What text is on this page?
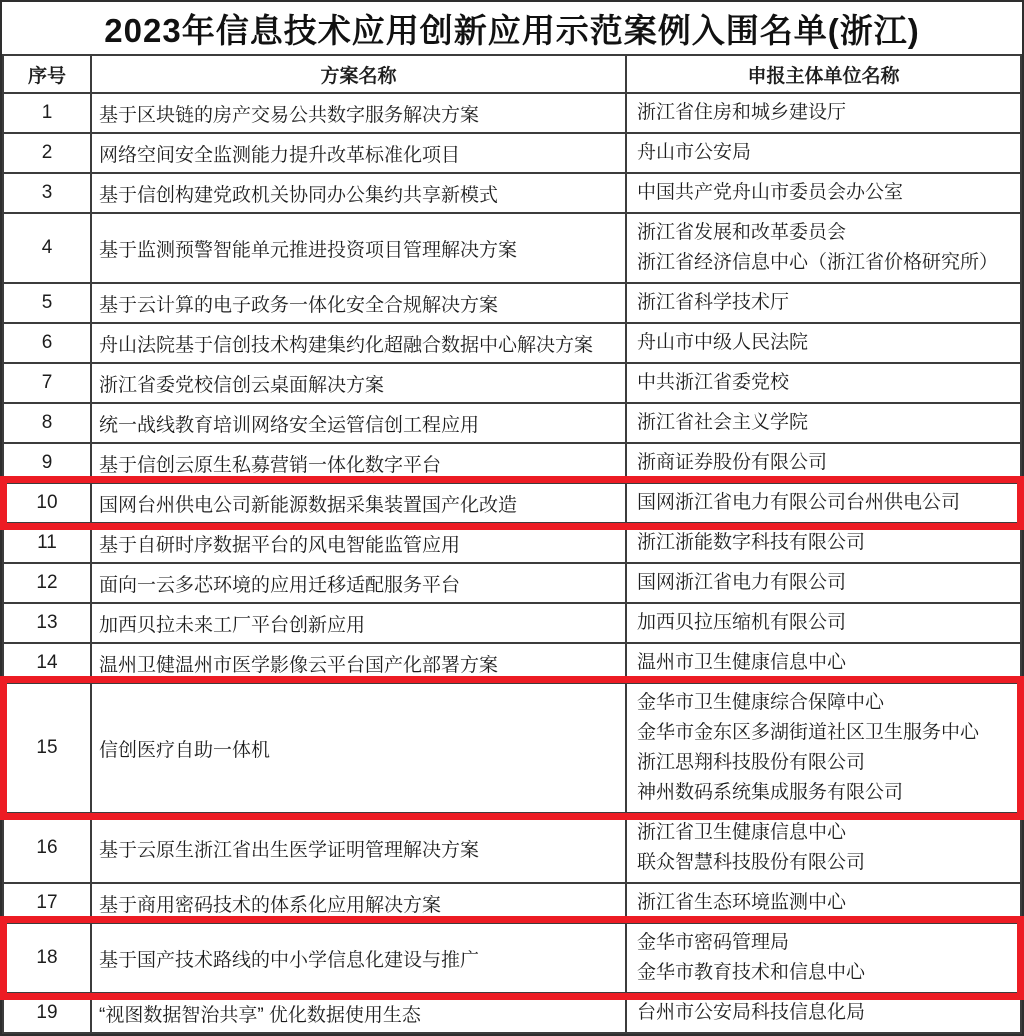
2023年信息技术应用创新应用示范案例入围名单(浙江)
序号	方案名称	申报主体单位名称
1	基于区块链的房产交易公共数字服务解决方案	浙江省住房和城乡建设厅

2	网络空间安全监测能力提升改革标准化项目	舟山市公安局

3	基于信创构建党政机关协同办公集约共享新模式	中国共产党舟山市委员会办公室

4	基于监测预警智能单元推进投资项目管理解决方案	浙江省发展和改革委员会
浙江省经济信息中心（浙江省价格研究所）

5	基于云计算的电子政务一体化安全合规解决方案	浙江省科学技术厅

6	舟山法院基于信创技术构建集约化超融合数据中心解决方案	舟山市中级人民法院

7	浙江省委党校信创云桌面解决方案	中共浙江省委党校

8	统一战线教育培训网络安全运管信创工程应用	浙江省社会主义学院

9	基于信创云原生私募营销一体化数字平台	浙商证券股份有限公司

10	国网台州供电公司新能源数据采集装置国产化改造	国网浙江省电力有限公司台州供电公司

11	基于自研时序数据平台的风电智能监管应用	浙江浙能数字科技有限公司

12	面向一云多芯环境的应用迁移适配服务平台	国网浙江省电力有限公司

13	加西贝拉未来工厂平台创新应用	加西贝拉压缩机有限公司

14	温州卫健温州市医学影像云平台国产化部署方案	温州市卫生健康信息中心

15	信创医疗自助一体机	金华市卫生健康综合保障中心
金华市金东区多湖街道社区卫生服务中心
浙江思翔科技股份有限公司
神州数码系统集成服务有限公司

16	基于云原生浙江省出生医学证明管理解决方案	浙江省卫生健康信息中心
联众智慧科技股份有限公司

17	基于商用密码技术的体系化应用解决方案	浙江省生态环境监测中心

18	基于国产技术路线的中小学信息化建设与推广	金华市密码管理局
金华市教育技术和信息中心

19	“视图数据智治共享” 优化数据使用生态	台州市公安局科技信息化局
